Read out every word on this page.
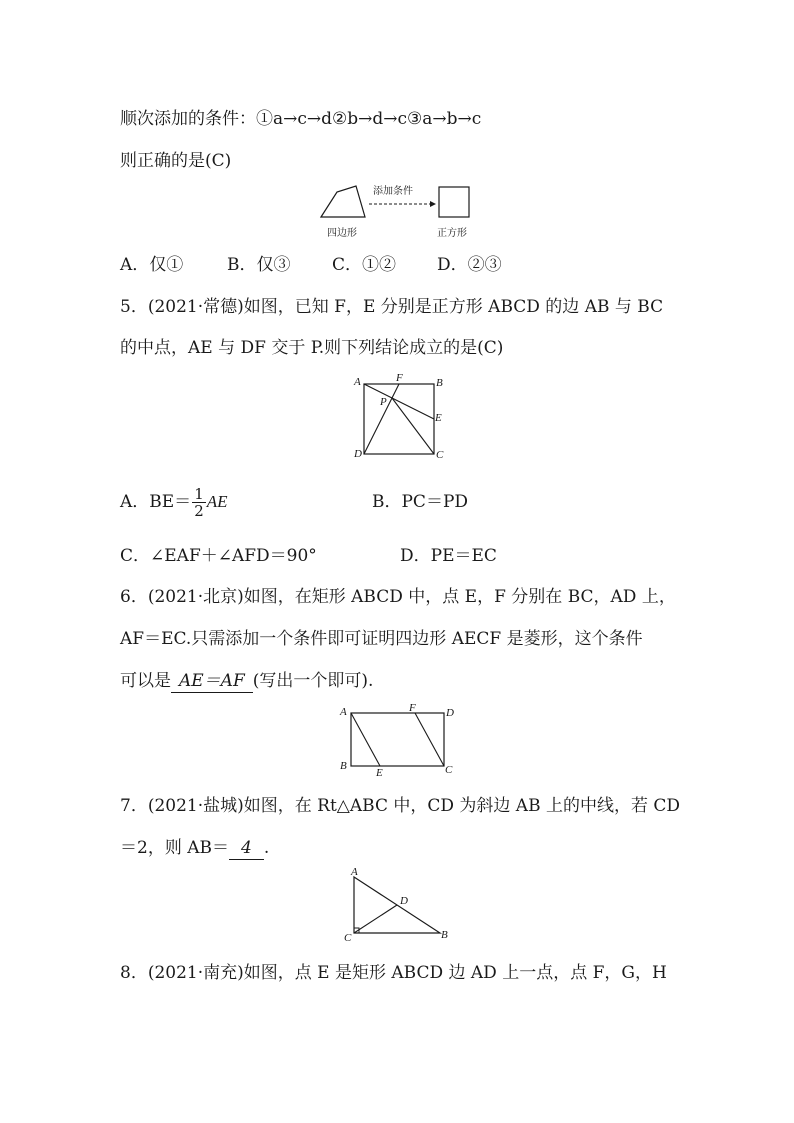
顺次添加的条件：①a→c→d②b→d→c③a→b→c
则正确的是(C)
添加条件
四边形	正方形
A．仅①	B．仅③ C．①② D．②③
5．(2021·常德)如图，已知 F，E 分别是正方形 ABCD 的边 AB 与 BC
的中点，AE 与 DF 交于 P.则下列结论成立的是(C)
A	F	B
P
E
D	C
A．$BE= \frac{1}{2}$ AE	B．PC＝PD
C．∠EAF＋∠AFD＝90°	D．PE＝EC
6．(2021·北京)如图，在矩形 ABCD 中，点 E，F 分别在 BC，AD 上，
AF＝EC.只需添加一个条件即可证明四边形 AECF 是菱形，这个条件
可以是 AE＝AF (写出一个即可).
A	F	D
B
E	C
7．(2021·盐城)如图，在 Rt△ABC 中，CD 为斜边 AB 上的中线，若 CD
＝2，则 AB＝ 4 .
A
D
C	B
8．(2021·南充)如图，点 E 是矩形 ABCD 边 AD 上一点，点 F，G，H
